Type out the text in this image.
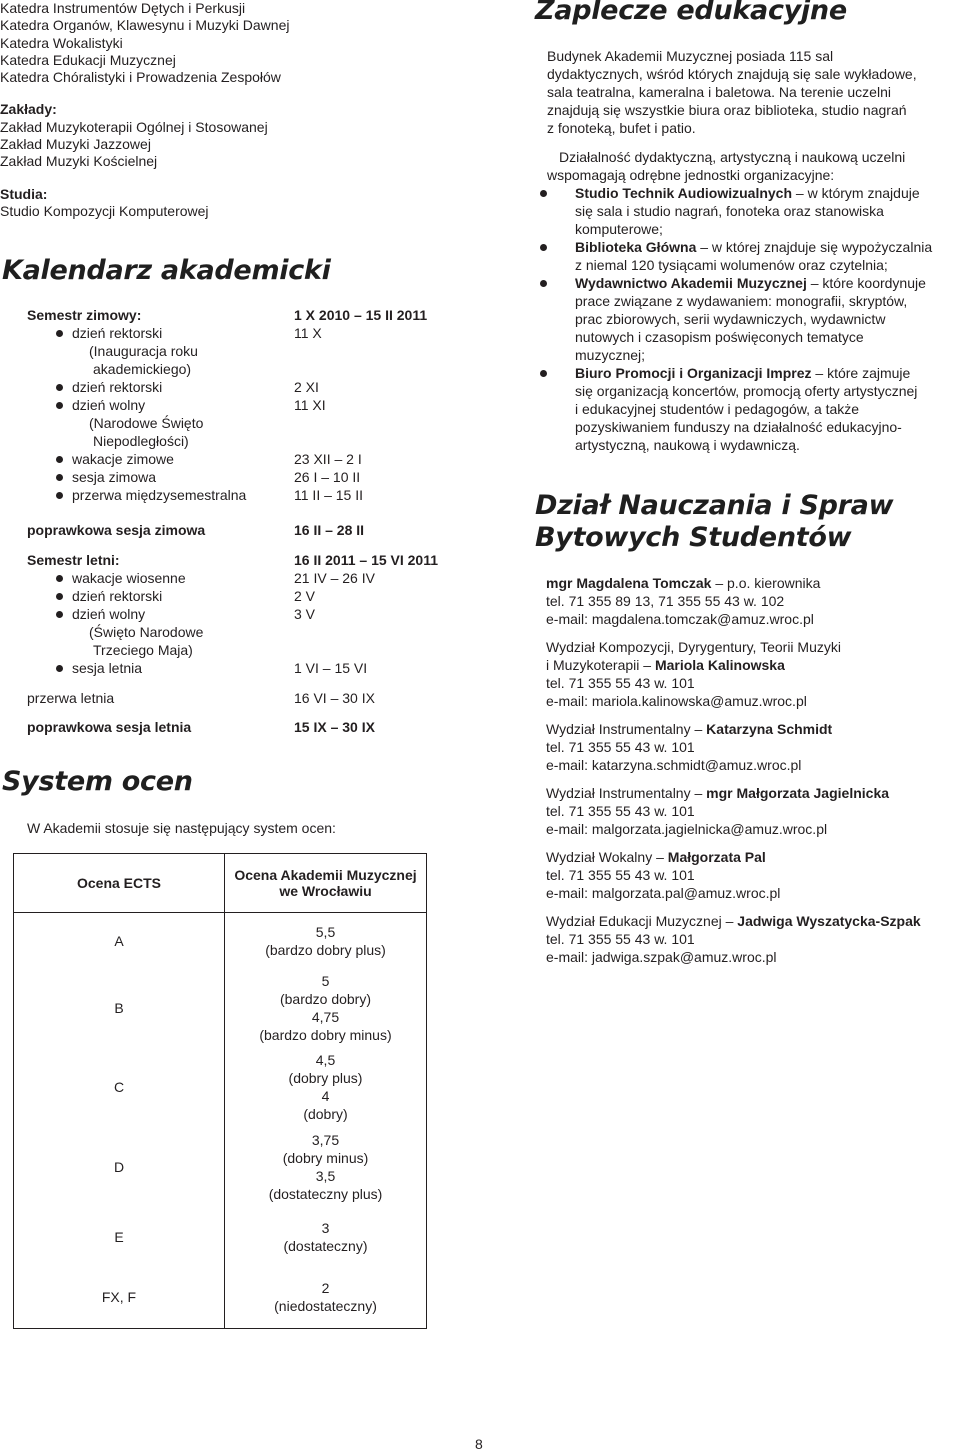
Katedra Instrumentów Dętych i Perkusji
Katedra Organów, Klawesynu i Muzyki Dawnej
Katedra Wokalistyki
Katedra Edukacji Muzycznej
Katedra Chóralistyki i Prowadzenia Zespołów
Zakłady:
Zakład Muzykoterapii Ogólnej i Stosowanej
Zakład Muzyki Jazzowej
Zakład Muzyki Kościelnej
Studia:
Studio Kompozycji Komputerowej
Kalendarz akademicki
Semestr zimowy:	1 X 2010 – 15 II 2011
dzień rektorski	11 X
(Inauguracja roku
akademickiego)
dzień rektorski	2 XI
dzień wolny	11 XI
(Narodowe Święto
Niepodległości)
wakacje zimowe	23 XII – 2 I
sesja zimowa	26 I – 10 II
przerwa międzysemestralna	11 II – 15 II
poprawkowa sesja zimowa	16 II – 28 II
Semestr letni:	16 II 2011 – 15 VI 2011
wakacje wiosenne	21 IV – 26 IV
dzień rektorski	2 V
dzień wolny	3 V
(Święto Narodowe
Trzeciego Maja)
sesja letnia	1 VI – 15 VI
przerwa letnia	16 VI – 30 IX
poprawkowa sesja letnia	15 IX – 30 IX
System ocen
W Akademii stosuje się następujący system ocen:
Ocena ECTS	Ocena Akademii Muzycznej
we Wrocławiu

A	5,5
(bardzo dobry plus)

B	5
(bardzo dobry)
4,75
(bardzo dobry minus)

C	4,5
(dobry plus)
4
(dobry)

D	3,75
(dobry minus)
3,5
(dostateczny plus)

E	3
(dostateczny)

FX, F	2
(niedostateczny)
Zaplecze edukacyjne
Budynek Akademii Muzycznej posiada 115 sal
dydaktycznych, wśród których znajdują się sale wykładowe,
sala teatralna, kameralna i baletowa. Na terenie uczelni
znajdują się wszystkie biura oraz biblioteka, studio nagrań
z fonoteką, bufet i patio.
Działalność dydaktyczną, artystyczną i naukową uczelni
wspomagają odrębne jednostki organizacyjne:
Studio Technik Audiowizualnych – w którym znajduje
się sala i studio nagrań, fonoteka oraz stanowiska
komputerowe;
Biblioteka Główna – w której znajduje się wypożyczalnia
z niemal 120 tysiącami wolumenów oraz czytelnia;
Wydawnictwo Akademii Muzycznej – które koordynuje
prace związane z wydawaniem: monografii, skryptów,
prac zbiorowych, serii wydawniczych, wydawnictw
nutowych i czasopism poświęconych tematyce
muzycznej;
Biuro Promocji i Organizacji Imprez – które zajmuje
się organizacją koncertów, promocją oferty artystycznej
i edukacyjnej studentów i pedagogów, a także
pozyskiwaniem funduszy na działalność edukacyjno-
artystyczną, naukową i wydawniczą.
Dział Nauczania i Spraw
Bytowych Studentów
mgr Magdalena Tomczak – p.o. kierownika
tel. 71 355 89 13, 71 355 55 43 w. 102
e-mail: magdalena.tomczak@amuz.wroc.pl
Wydział Kompozycji, Dyrygentury, Teorii Muzyki
i Muzykoterapii – Mariola Kalinowska
tel. 71 355 55 43 w. 101
e-mail: mariola.kalinowska@amuz.wroc.pl
Wydział Instrumentalny – Katarzyna Schmidt
tel. 71 355 55 43 w. 101
e-mail: katarzyna.schmidt@amuz.wroc.pl
Wydział Instrumentalny – mgr Małgorzata Jagielnicka
tel. 71 355 55 43 w. 101
e-mail: malgorzata.jagielnicka@amuz.wroc.pl
Wydział Wokalny – Małgorzata Pal
tel. 71 355 55 43 w. 101
e-mail: malgorzata.pal@amuz.wroc.pl
Wydział Edukacji Muzycznej – Jadwiga Wyszatycka-Szpak
tel. 71 355 55 43 w. 101
e-mail: jadwiga.szpak@amuz.wroc.pl
8
